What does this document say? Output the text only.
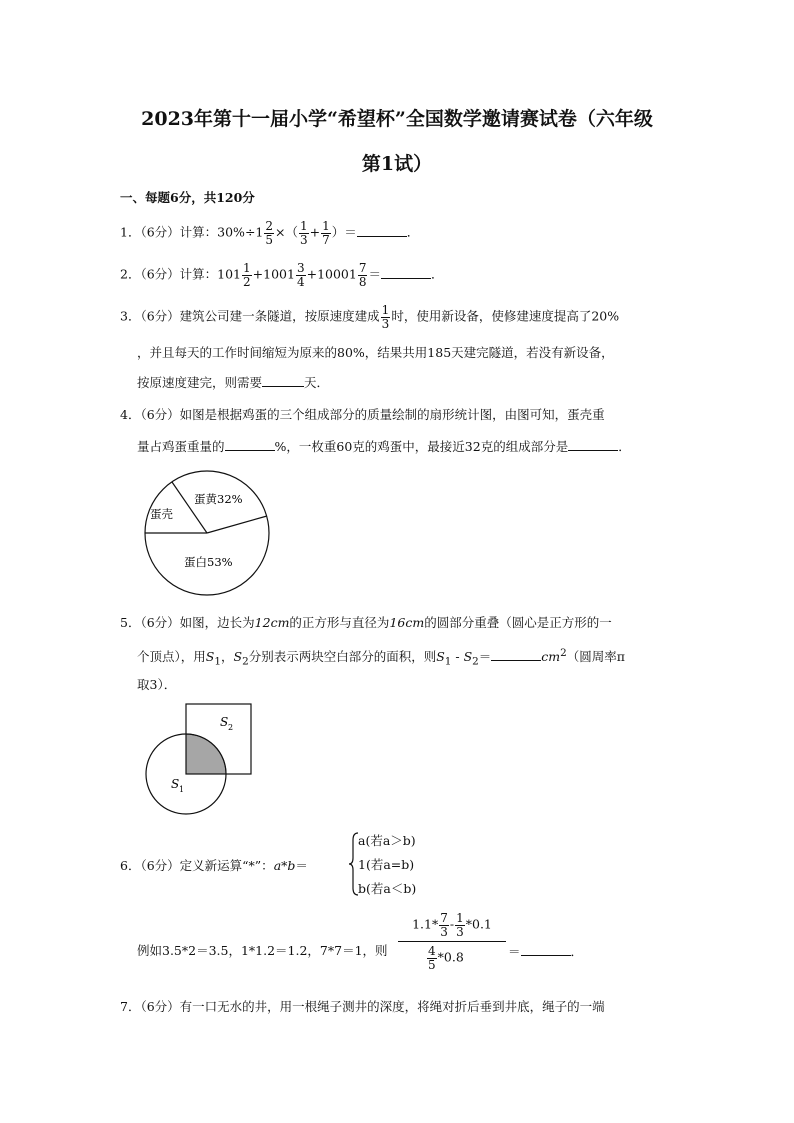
2023年第十一届小学“希望杯”全国数学邀请赛试卷（六年级
第1试）
一、每题6分，共120分
1．（6分）计算：$30\%\div 1 \frac{2}{5}$ ×（ $\frac{1}{3} + \frac{1}{7}$ ）＝	．
2．（6分）计算：$101 \frac{1}{2} +1001 \frac{3}{4} +10001 \frac{7}{8}$ ＝	．
3．（6分）建筑公司建一条隧道，按原速度建成 $\frac{1}{3}$ 时，使用新设备，使修建速度提高了20%
，并且每天的工作时间缩短为原来的80%，结果共用185天建完隧道，若没有新设备，
按原速度建完，则需要	天．
4．（6分）如图是根据鸡蛋的三个组成部分的质量绘制的扇形统计图，由图可知，蛋壳重
量占鸡蛋重量的	%，一枚重60克的鸡蛋中，最接近32克的组成部分是	．
蛋黄32%
蛋壳
蛋白53%
5．（6分）如图，边长为12cm的正方形与直径为16cm的圆部分重叠（圆心是正方形的一
个顶点），用$S_1$，$S_2$分别表示两块空白部分的面积，则$S_1 - S_2=$	$cm^2$（圆周率π
取3）．
S 2
S 1
6．（6分）定义新运算“*”：a*b＝
a(若a＞b)
1(若a=b)
b(若a＜b)
例如3.5*2＝3.5，1*1.2＝1.2，7*7＝1，则
$1.1* \frac{7}{3} - \frac{1}{3} *0.1$
$\frac{4}{5} *0.8$	＝	．
7．（6分）有一口无水的井，用一根绳子测井的深度，将绳对折后垂到井底，绳子的一端
